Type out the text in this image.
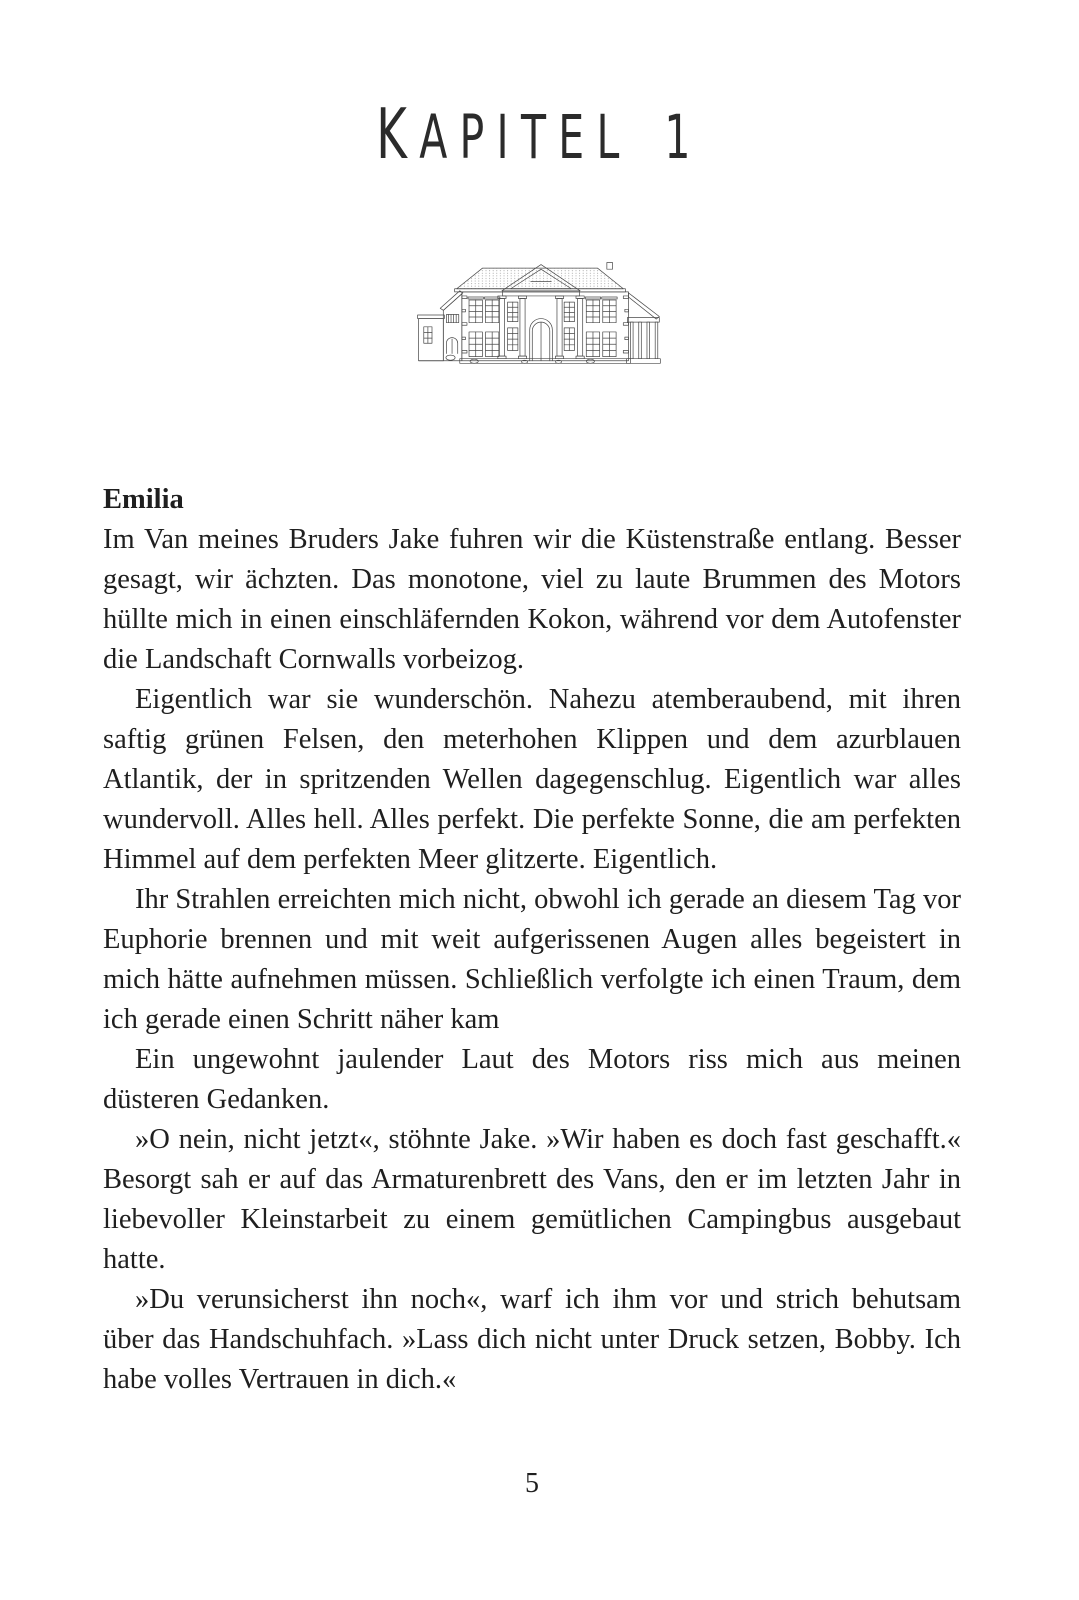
KAPITEL 1

Emilia

Im Van meines Bruders Jake fuhren wir die Küstenstraße entlang. Besser gesagt, wir ächzten. Das monotone, viel zu laute Brummen des Motors hüllte mich in einen einschläfernden Kokon, während vor dem Autofenster die Landschaft Cornwalls vorbeizog.

Eigentlich war sie wunderschön. Nahezu atemberaubend, mit ihren saftig grünen Felsen, den meterhohen Klippen und dem azurblauen Atlantik, der in spritzenden Wellen dagegenschlug. Eigentlich war alles wundervoll. Alles hell. Alles perfekt. Die perfekte Sonne, die am perfekten Himmel auf dem perfekten Meer glitzerte. Eigentlich.

Ihr Strahlen erreichten mich nicht, obwohl ich gerade an diesem Tag vor Euphorie brennen und mit weit aufgerissenen Augen alles begeistert in mich hätte aufnehmen müssen. Schließlich verfolgte ich einen Traum, dem ich gerade einen Schritt näher kam

Ein ungewohnt jaulender Laut des Motors riss mich aus meinen düsteren Gedanken.

»O nein, nicht jetzt«, stöhnte Jake. »Wir haben es doch fast geschafft.« Besorgt sah er auf das Armaturenbrett des Vans, den er im letzten Jahr in liebevoller Kleinstarbeit zu einem gemütlichen Campingbus ausgebaut hatte.

»Du verunsicherst ihn noch«, warf ich ihm vor und strich behutsam über das Handschuhfach. »Lass dich nicht unter Druck setzen, Bobby. Ich habe volles Vertrauen in dich.«

5
